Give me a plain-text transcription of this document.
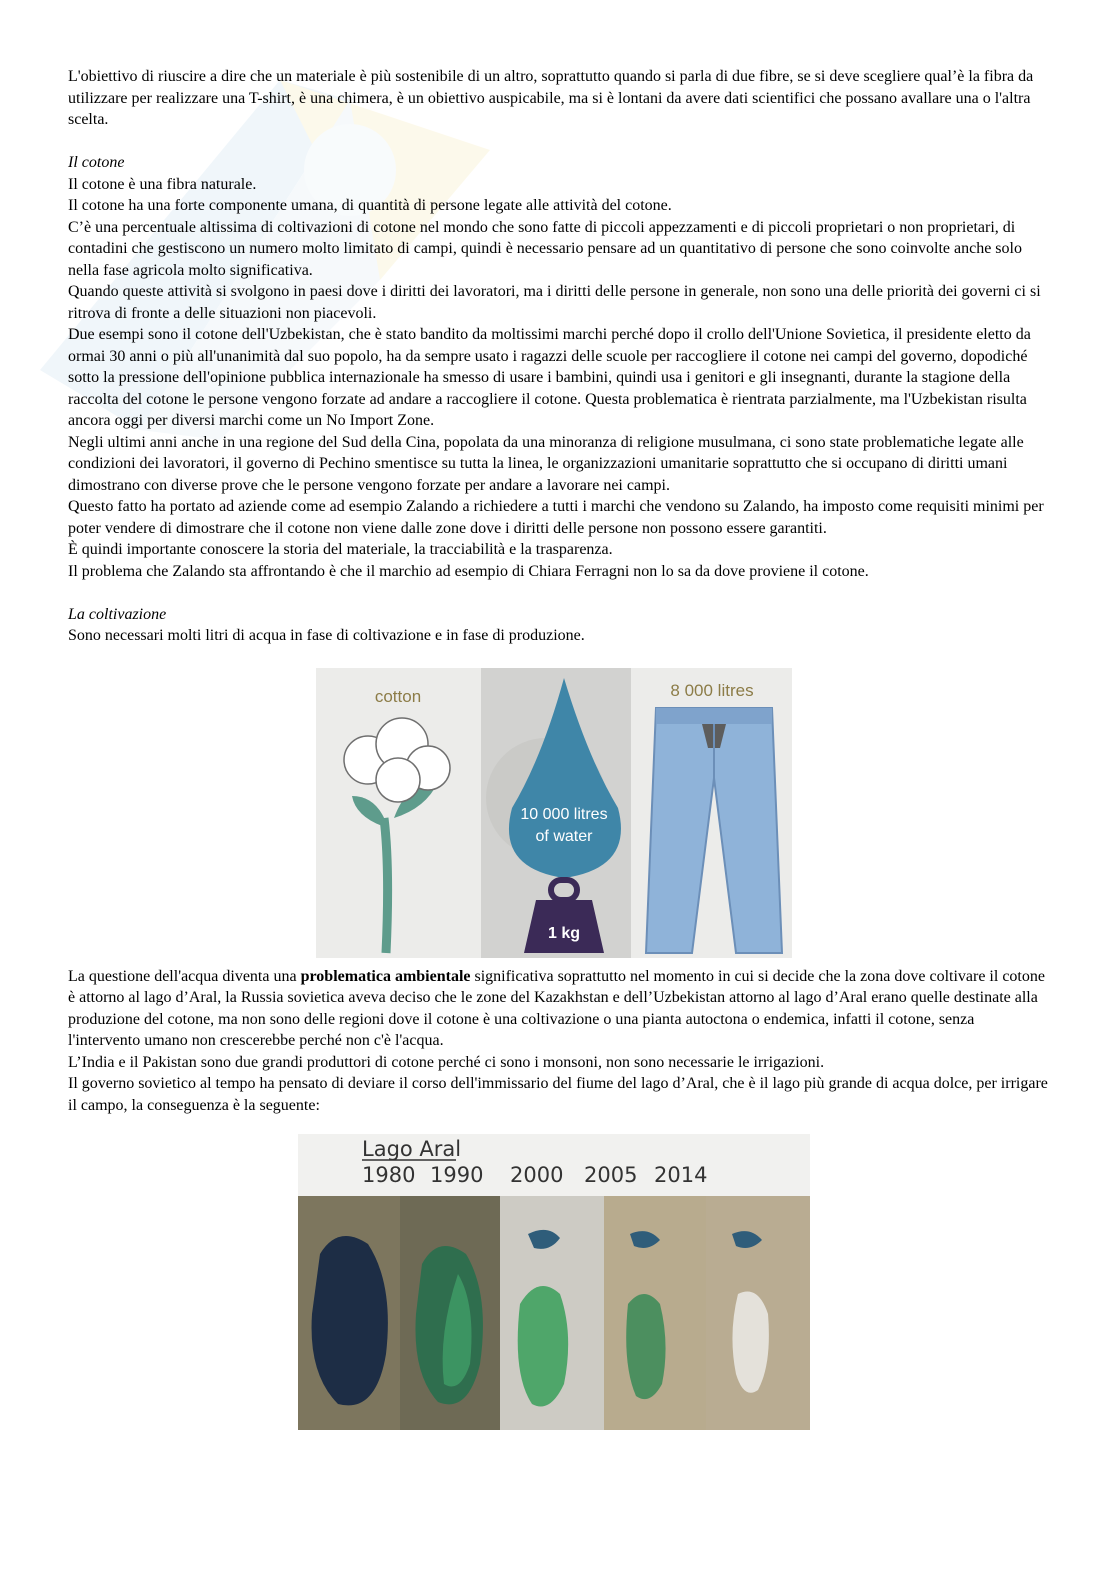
L'obiettivo di riuscire a dire che un materiale è più sostenibile di un altro, soprattutto quando si parla di due fibre, se si deve scegliere qual’è la fibra da utilizzare per realizzare una T-shirt, è una chimera, è un obiettivo auspicabile, ma si è lontani da avere dati scientifici che possano avallare una o l'altra scelta.

Il cotone

Il cotone è una fibra naturale.

Il cotone ha una forte componente umana, di quantità di persone legate alle attività del cotone.

C’è una percentuale altissima di coltivazioni di cotone nel mondo che sono fatte di piccoli appezzamenti e di piccoli proprietari o non proprietari, di contadini che gestiscono un numero molto limitato di campi, quindi è necessario pensare ad un quantitativo di persone che sono coinvolte anche solo nella fase agricola molto significativa.

Quando queste attività si svolgono in paesi dove i diritti dei lavoratori, ma i diritti delle persone in generale, non sono una delle priorità dei governi ci si ritrova di fronte a delle situazioni non piacevoli.

Due esempi sono il cotone dell'Uzbekistan, che è stato bandito da moltissimi marchi perché dopo il crollo dell'Unione Sovietica, il presidente eletto da ormai 30 anni o più all'unanimità dal suo popolo, ha da sempre usato i ragazzi delle scuole per raccogliere il cotone nei campi del governo, dopodiché sotto la pressione dell'opinione pubblica internazionale ha smesso di usare i bambini, quindi usa i genitori e gli insegnanti, durante la stagione della raccolta del cotone le persone vengono forzate ad andare a raccogliere il cotone. Questa problematica è rientrata parzialmente, ma l'Uzbekistan risulta ancora oggi per diversi marchi come un No Import Zone.

Negli ultimi anni anche in una regione del Sud della Cina, popolata da una minoranza di religione musulmana, ci sono state problematiche legate alle condizioni dei lavoratori, il governo di Pechino smentisce su tutta la linea, le organizzazioni umanitarie soprattutto che si occupano di diritti umani dimostrano con diverse prove che le persone vengono forzate per andare a lavorare nei campi.

Questo fatto ha portato ad aziende come ad esempio Zalando a richiedere a tutti i marchi che vendono su Zalando, ha imposto come requisiti minimi per poter vendere di dimostrare che il cotone non viene dalle zone dove i diritti delle persone non possono essere garantiti.

È quindi importante conoscere la storia del materiale, la tracciabilità e la trasparenza.

Il problema che Zalando sta affrontando è che il marchio ad esempio di Chiara Ferragni non lo sa da dove proviene il cotone.

La coltivazione

Sono necessari molti litri di acqua in fase di coltivazione e in fase di produzione.

cotton
10 000 litres
of water
1 kg
8 000 litres

La questione dell'acqua diventa una problematica ambientale significativa soprattutto nel momento in cui si decide che la zona dove coltivare il cotone è attorno al lago d’Aral, la Russia sovietica aveva deciso che le zone del Kazakhstan e dell’Uzbekistan attorno al lago d’Aral erano quelle destinate alla produzione del cotone, ma non sono delle regioni dove il cotone è una coltivazione o una pianta autoctona o endemica, infatti il cotone, senza l'intervento umano non crescerebbe perché non c'è l'acqua.

L’India e il Pakistan sono due grandi produttori di cotone perché ci sono i monsoni, non sono necessarie le irrigazioni.

Il governo sovietico al tempo ha pensato di deviare il corso dell'immissario del fiume del lago d’Aral, che è il lago più grande di acqua dolce, per irrigare il campo, la conseguenza è la seguente:

Lago Aral
1980 1990 2000 2005 2014
